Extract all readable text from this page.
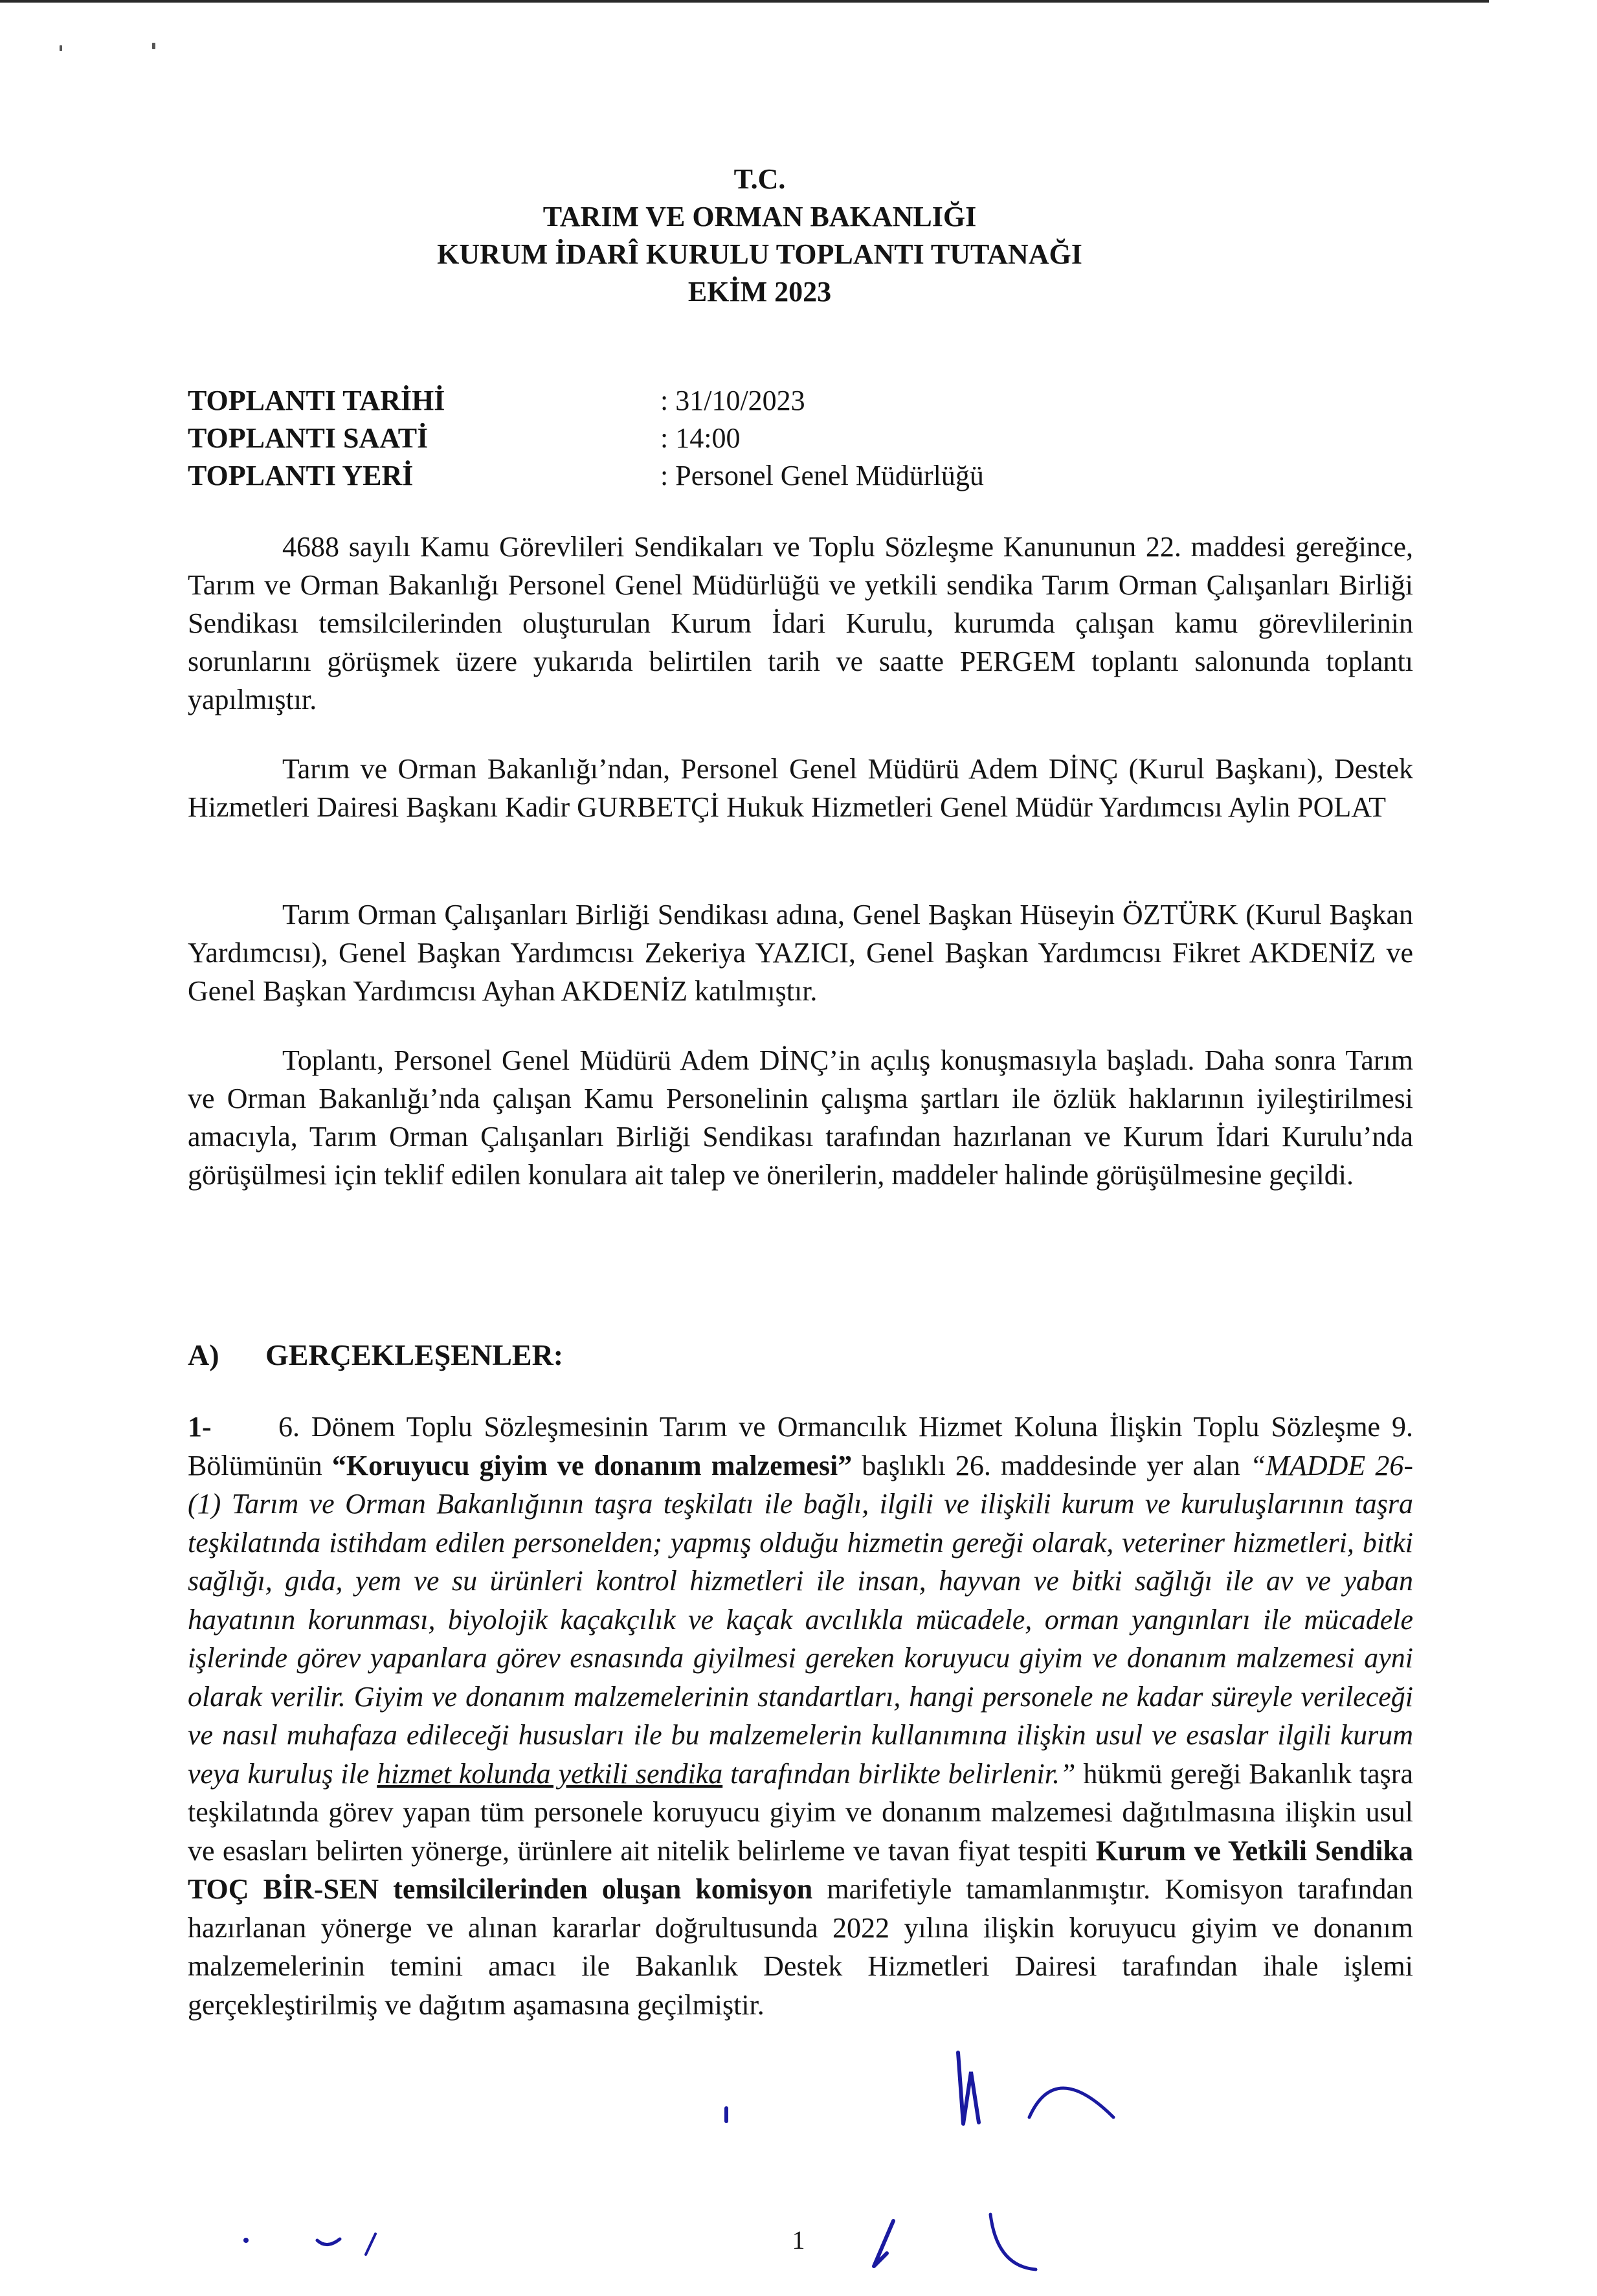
T.C.
TARIM VE ORMAN BAKANLIĞI
KURUM İDARÎ KURULU TOPLANTI TUTANAĞI
EKİM 2023
TOPLANTI TARİHİ	: 31/10/2023
TOPLANTI SAATİ	: 14:00
TOPLANTI YERİ	: Personel Genel Müdürlüğü
4688 sayılı Kamu Görevlileri Sendikaları ve Toplu Sözleşme Kanununun 22. maddesi gereğince, Tarım ve Orman Bakanlığı Personel Genel Müdürlüğü ve yetkili sendika Tarım Orman Çalışanları Birliği Sendikası temsilcilerinden oluşturulan Kurum İdari Kurulu, kurumda çalışan kamu görevlilerinin sorunlarını görüşmek üzere yukarıda belirtilen tarih ve saatte PERGEM toplantı salonunda toplantı yapılmıştır.
Tarım ve Orman Bakanlığı’ndan, Personel Genel Müdürü Adem DİNÇ (Kurul Başkanı), Destek Hizmetleri Dairesi Başkanı Kadir GURBETÇİ Hukuk Hizmetleri Genel Müdür Yardımcısı Aylin POLAT
Tarım Orman Çalışanları Birliği Sendikası adına, Genel Başkan Hüseyin ÖZTÜRK (Kurul Başkan Yardımcısı), Genel Başkan Yardımcısı Zekeriya YAZICI, Genel Başkan Yardımcısı Fikret AKDENİZ ve Genel Başkan Yardımcısı Ayhan AKDENİZ katılmıştır.
Toplantı, Personel Genel Müdürü Adem DİNÇ’in açılış konuşmasıyla başladı. Daha sonra Tarım ve Orman Bakanlığı’nda çalışan Kamu Personelinin çalışma şartları ile özlük haklarının iyileştirilmesi amacıyla, Tarım Orman Çalışanları Birliği Sendikası tarafından hazırlanan ve Kurum İdari Kurulu’nda görüşülmesi için teklif edilen konulara ait talep ve önerilerin, maddeler halinde görüşülmesine geçildi.
A) GERÇEKLEŞENLER:
1- 6. Dönem Toplu Sözleşmesinin Tarım ve Ormancılık Hizmet Koluna İlişkin Toplu Sözleşme 9. Bölümünün “Koruyucu giyim ve donanım malzemesi” başlıklı 26. maddesinde yer alan “MADDE 26- (1) Tarım ve Orman Bakanlığının taşra teşkilatı ile bağlı, ilgili ve ilişkili kurum ve kuruluşlarının taşra teşkilatında istihdam edilen personelden; yapmış olduğu hizmetin gereği olarak, veteriner hizmetleri, bitki sağlığı, gıda, yem ve su ürünleri kontrol hizmetleri ile insan, hayvan ve bitki sağlığı ile av ve yaban hayatının korunması, biyolojik kaçakçılık ve kaçak avcılıkla mücadele, orman yangınları ile mücadele işlerinde görev yapanlara görev esnasında giyilmesi gereken koruyucu giyim ve donanım malzemesi ayni olarak verilir. Giyim ve donanım malzemelerinin standartları, hangi personele ne kadar süreyle verileceği ve nasıl muhafaza edileceği hususları ile bu malzemelerin kullanımına ilişkin usul ve esaslar ilgili kurum veya kuruluş ile hizmet kolunda yetkili sendika tarafından birlikte belirlenir.” hükmü gereği Bakanlık taşra teşkilatında görev yapan tüm personele koruyucu giyim ve donanım malzemesi dağıtılmasına ilişkin usul ve esasları belirten yönerge, ürünlere ait nitelik belirleme ve tavan fiyat tespiti Kurum ve Yetkili Sendika TOÇ BİR-SEN temsilcilerinden oluşan komisyon marifetiyle tamamlanmıştır. Komisyon tarafından hazırlanan yönerge ve alınan kararlar doğrultusunda 2022 yılına ilişkin koruyucu giyim ve donanım malzemelerinin temini amacı ile Bakanlık Destek Hizmetleri Dairesi tarafından ihale işlemi gerçekleştirilmiş ve dağıtım aşamasına geçilmiştir.
1
